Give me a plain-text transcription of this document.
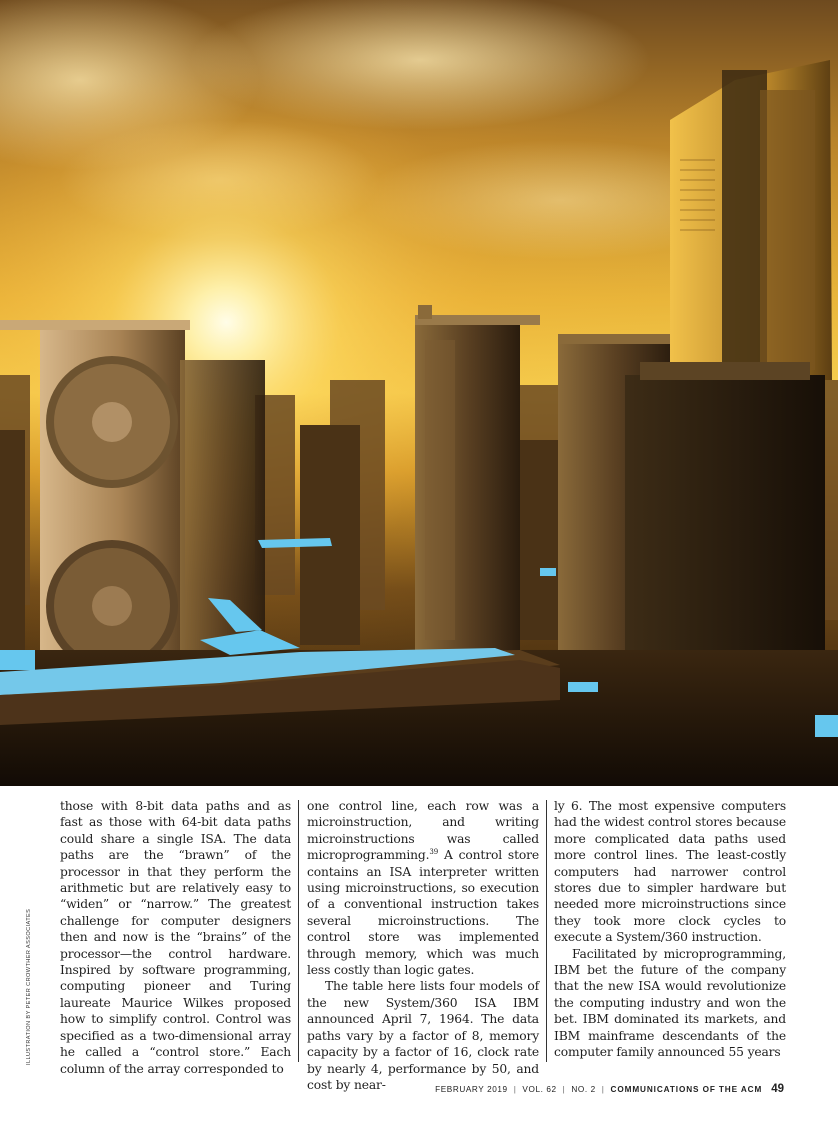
ILLUSTRATION BY PETER CROWTHER ASSOCIATES

those with 8-bit data paths and as fast as those with 64-bit data paths could share a single ISA. The data paths are the “brawn” of the processor in that they perform the arithmetic but are relatively easy to “widen” or “narrow.” The greatest challenge for computer designers then and now is the “brains” of the processor—the control hardware. Inspired by software programming, computing pioneer and Turing laureate Maurice Wilkes proposed how to simplify control. Control was specified as a two-dimensional array he called a “control store.” Each column of the array corresponded to

one control line, each row was a microinstruction, and writing microinstructions was called microprogramming.$^{39}$ A control store contains an ISA interpreter written using microinstructions, so execution of a conventional instruction takes several microinstructions. The control store was implemented through memory, which was much less costly than logic gates.

The table here lists four models of the new System/360 ISA IBM announced April 7, 1964. The data paths vary by a factor of 8, memory capacity by a factor of 16, clock rate by nearly 4, performance by 50, and cost by near-

ly 6. The most expensive computers had the widest control stores because more complicated data paths used more control lines. The least-costly computers had narrower control stores due to simpler hardware but needed more microinstructions since they took more clock cycles to execute a System/360 instruction.

Facilitated by microprogramming, IBM bet the future of the company that the new ISA would revolutionize the computing industry and won the bet. IBM dominated its markets, and IBM mainframe descendants of the computer family announced 55 years

FEBRUARY 2019 | VOL. 62 | NO. 2 | COMMUNICATIONS OF THE ACM 49
